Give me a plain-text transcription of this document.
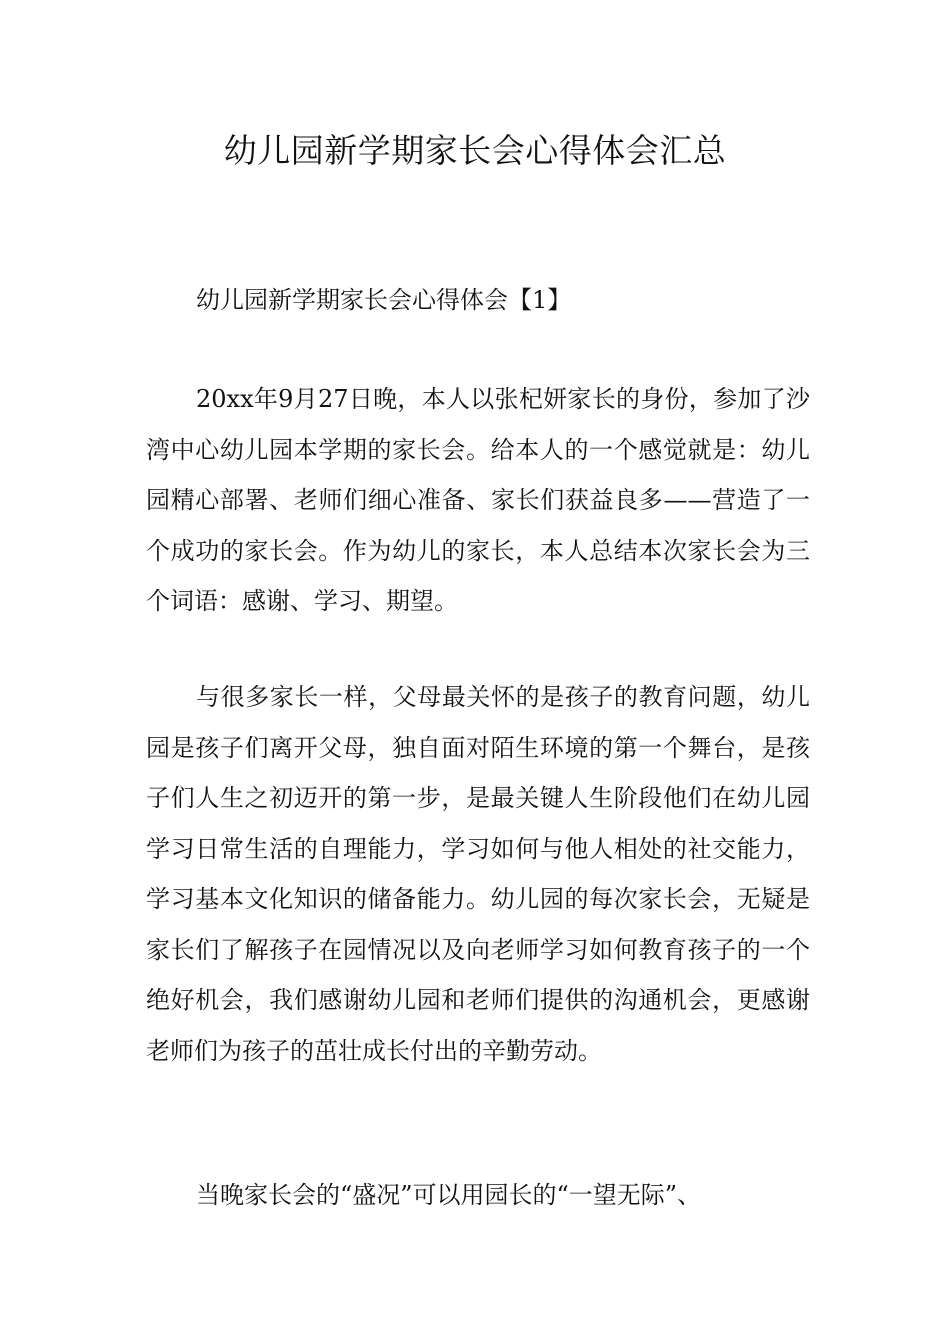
幼儿园新学期家长会心得体会汇总
幼儿园新学期家长会心得体会【1】

20xx年9月27日晚，本人以张杞妍家长的身份，参加了沙湾中心幼儿园本学期的家长会。给本人的一个感觉就是：幼儿园精心部署、老师们细心准备、家长们获益良多——营造了一个成功的家长会。作为幼儿的家长，本人总结本次家长会为三个词语：感谢、学习、期望。

与很多家长一样，父母最关怀的是孩子的教育问题，幼儿园是孩子们离开父母，独自面对陌生环境的第一个舞台，是孩子们人生之初迈开的第一步，是最关键人生阶段他们在幼儿园学习日常生活的自理能力，学习如何与他人相处的社交能力，学习基本文化知识的储备能力。幼儿园的每次家长会，无疑是家长们了解孩子在园情况以及向老师学习如何教育孩子的一个绝好机会，我们感谢幼儿园和老师们提供的沟通机会，更感谢老师们为孩子的茁壮成长付出的辛勤劳动。

当晚家长会的“盛况”可以用园长的“一望无际”、
